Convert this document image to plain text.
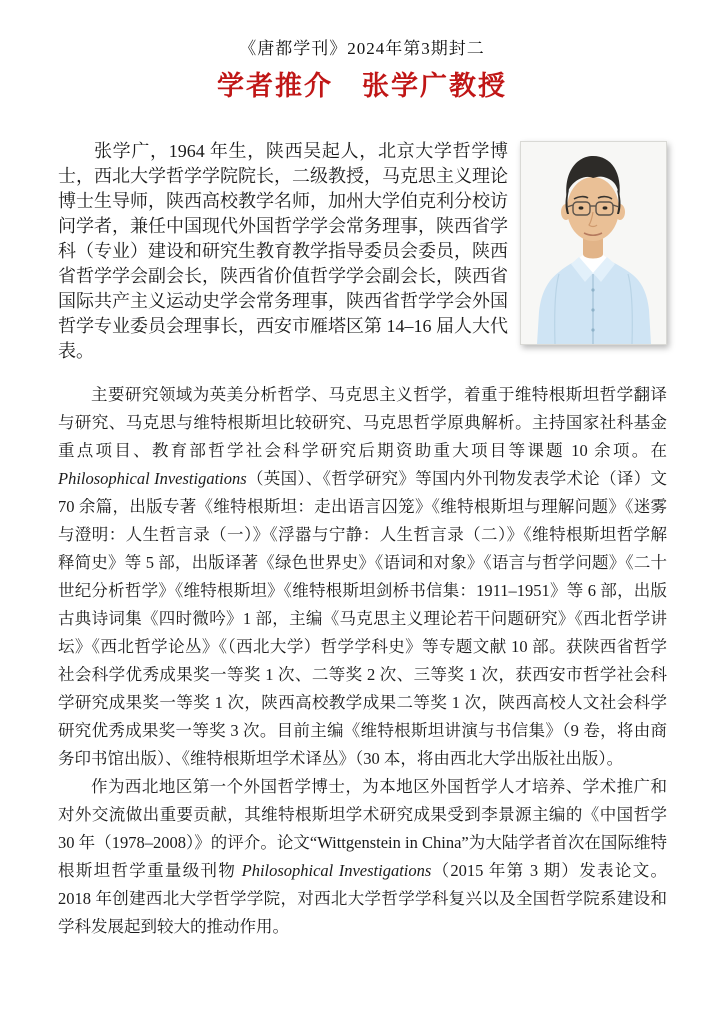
《唐都学刊》2024年第3期封二
学者推介　张学广教授

张学广，1964 年生，陕西吴起人，北京大学哲学博士，西北大学哲学学院院长，二级教授，马克思主义理论博士生导师，陕西高校教学名师，加州大学伯克利分校访问学者，兼任中国现代外国哲学学会常务理事，陕西省学科（专业）建设和研究生教育教学指导委员会委员，陕西省哲学学会副会长，陕西省价值哲学学会副会长，陕西省国际共产主义运动史学会常务理事，陕西省哲学学会外国哲学专业委员会理事长，西安市雁塔区第 14–16 届人大代表。

主要研究领域为英美分析哲学、马克思主义哲学，着重于维特根斯坦哲学翻译与研究、马克思与维特根斯坦比较研究、马克思哲学原典解析。主持国家社科基金重点项目、教育部哲学社会科学研究后期资助重大项目等课题 10 余项。在 Philosophical Investigations（英国）、《哲学研究》等国内外刊物发表学术论（译）文 70 余篇，出版专著《维特根斯坦：走出语言囚笼》《维特根斯坦与理解问题》《迷雾与澄明：人生哲言录（一）》《浮嚣与宁静：人生哲言录（二）》《维特根斯坦哲学解释简史》等 5 部，出版译著《绿色世界史》《语词和对象》《语言与哲学问题》《二十世纪分析哲学》《维特根斯坦》《维特根斯坦剑桥书信集：1911–1951》等 6 部，出版古典诗词集《四时微吟》1 部，主编《马克思主义理论若干问题研究》《西北哲学讲坛》《西北哲学论丛》《（西北大学）哲学学科史》等专题文献 10 部。获陕西省哲学社会科学优秀成果奖一等奖 1 次、二等奖 2 次、三等奖 1 次，获西安市哲学社会科学研究成果奖一等奖 1 次，陕西高校教学成果二等奖 1 次，陕西高校人文社会科学研究优秀成果奖一等奖 3 次。目前主编《维特根斯坦讲演与书信集》（9 卷，将由商务印书馆出版）、《维特根斯坦学术译丛》（30 本，将由西北大学出版社出版）。

作为西北地区第一个外国哲学博士，为本地区外国哲学人才培养、学术推广和对外交流做出重要贡献，其维特根斯坦学术研究成果受到李景源主编的《中国哲学 30 年（1978–2008）》的评介。论文“Wittgenstein in China”为大陆学者首次在国际维特根斯坦哲学重量级刊物 Philosophical Investigations（2015 年第 3 期）发表论文。2018 年创建西北大学哲学学院，对西北大学哲学学科复兴以及全国哲学院系建设和学科发展起到较大的推动作用。
